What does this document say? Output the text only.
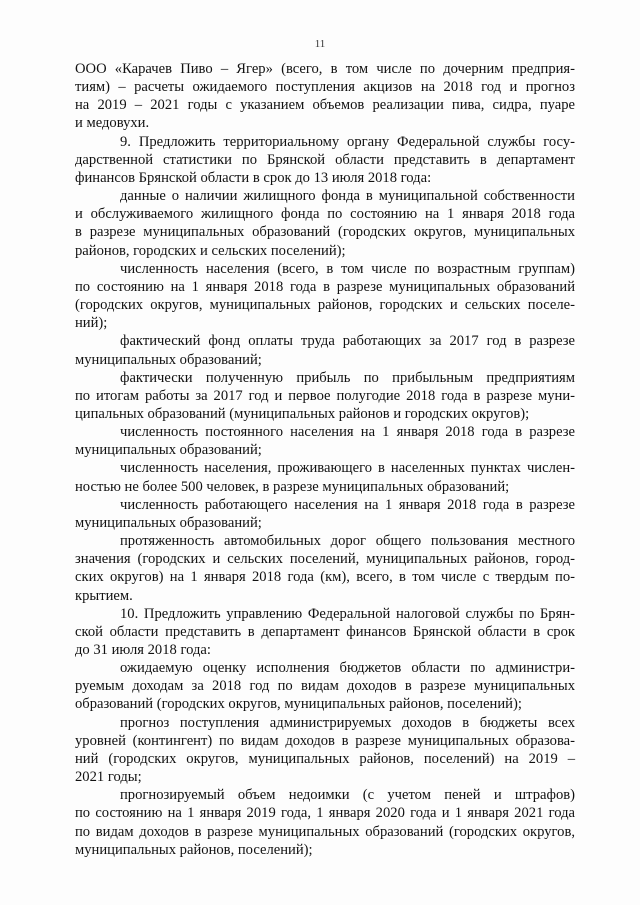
11
ООО «Карачев Пиво – Ягер» (всего, в том числе по дочерним предприя-
тиям) – расчеты ожидаемого поступления акцизов на 2018 год и прогноз
на 2019 – 2021 годы с указанием объемов реализации пива, сидра, пуаре
и медовухи.
9. Предложить территориальному органу Федеральной службы госу-
дарственной статистики по Брянской области представить в департамент
финансов Брянской области в срок до 13 июля 2018 года:
данные о наличии жилищного фонда в муниципальной собственности
и обслуживаемого жилищного фонда по состоянию на 1 января 2018 года
в разрезе муниципальных образований (городских округов, муниципальных
районов, городских и сельских поселений);
численность населения (всего, в том числе по возрастным группам)
по состоянию на 1 января 2018 года в разрезе муниципальных образований
(городских округов, муниципальных районов, городских и сельских поселе-
ний);
фактический фонд оплаты труда работающих за 2017 год в разрезе
муниципальных образований;
фактически полученную прибыль по прибыльным предприятиям
по итогам работы за 2017 год и первое полугодие 2018 года в разрезе муни-
ципальных образований (муниципальных районов и городских округов);
численность постоянного населения на 1 января 2018 года в разрезе
муниципальных образований;
численность населения, проживающего в населенных пунктах числен-
ностью не более 500 человек, в разрезе муниципальных образований;
численность работающего населения на 1 января 2018 года в разрезе
муниципальных образований;
протяженность автомобильных дорог общего пользования местного
значения (городских и сельских поселений, муниципальных районов, город-
ских округов) на 1 января 2018 года (км), всего, в том числе с твердым по-
крытием.
10. Предложить управлению Федеральной налоговой службы по Брян-
ской области представить в департамент финансов Брянской области в срок
до 31 июля 2018 года:
ожидаемую оценку исполнения бюджетов области по администри-
руемым доходам за 2018 год по видам доходов в разрезе муниципальных
образований (городских округов, муниципальных районов, поселений);
прогноз поступления администрируемых доходов в бюджеты всех
уровней (контингент) по видам доходов в разрезе муниципальных образова-
ний (городских округов, муниципальных районов, поселений) на 2019 –
2021 годы;
прогнозируемый объем недоимки (с учетом пеней и штрафов)
по состоянию на 1 января 2019 года, 1 января 2020 года и 1 января 2021 года
по видам доходов в разрезе муниципальных образований (городских округов,
муниципальных районов, поселений);
